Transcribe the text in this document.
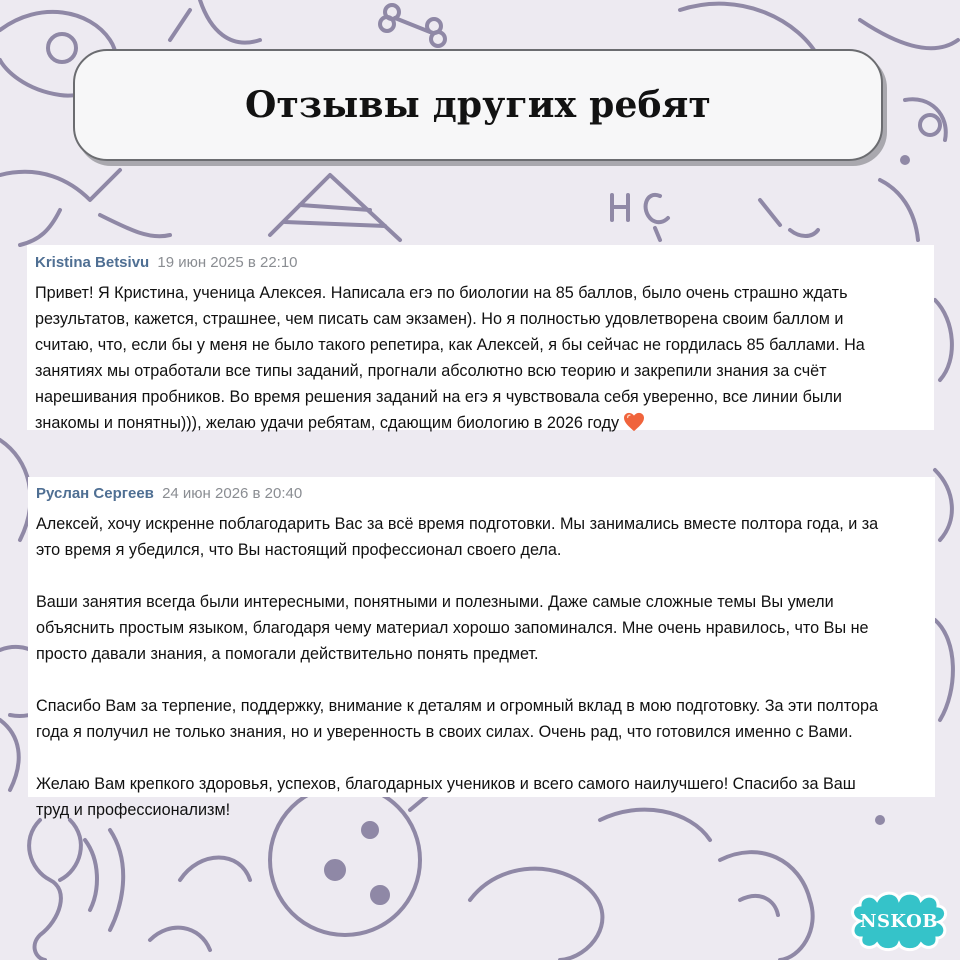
Отзывы других ребят
Kristina Betsivu 19 июн 2025 в 22:10
Привет! Я Кристина, ученица Алексея. Написала егэ по биологии на 85 баллов, было очень страшно ждать
результатов, кажется, страшнее, чем писать сам экзамен). Но я полностью удовлетворена своим баллом и
считаю, что, если бы у меня не было такого репетира, как Алексей, я бы сейчас не гордилась 85 баллами. На
занятиях мы отработали все типы заданий, прогнали абсолютно всю теорию и закрепили знания за счёт
нарешивания пробников. Во время решения заданий на егэ я чувствовала себя уверенно, все линии были
знакомы и понятны))), желаю удачи ребятам, сдающим биологию в 2026 году
Руслан Сергеев 24 июн 2026 в 20:40
Алексей, хочу искренне поблагодарить Вас за всё время подготовки. Мы занимались вместе полтора года, и за
это время я убедился, что Вы настоящий профессионал своего дела.
Ваши занятия всегда были интересными, понятными и полезными. Даже самые сложные темы Вы умели
объяснить простым языком, благодаря чему материал хорошо запоминался. Мне очень нравилось, что Вы не
просто давали знания, а помогали действительно понять предмет.
Спасибо Вам за терпение, поддержку, внимание к деталям и огромный вклад в мою подготовку. За эти полтора
года я получил не только знания, но и уверенность в своих силах. Очень рад, что готовился именно с Вами.
Желаю Вам крепкого здоровья, успехов, благодарных учеников и всего самого наилучшего! Спасибо за Ваш
труд и профессионализм!
NSKOB
